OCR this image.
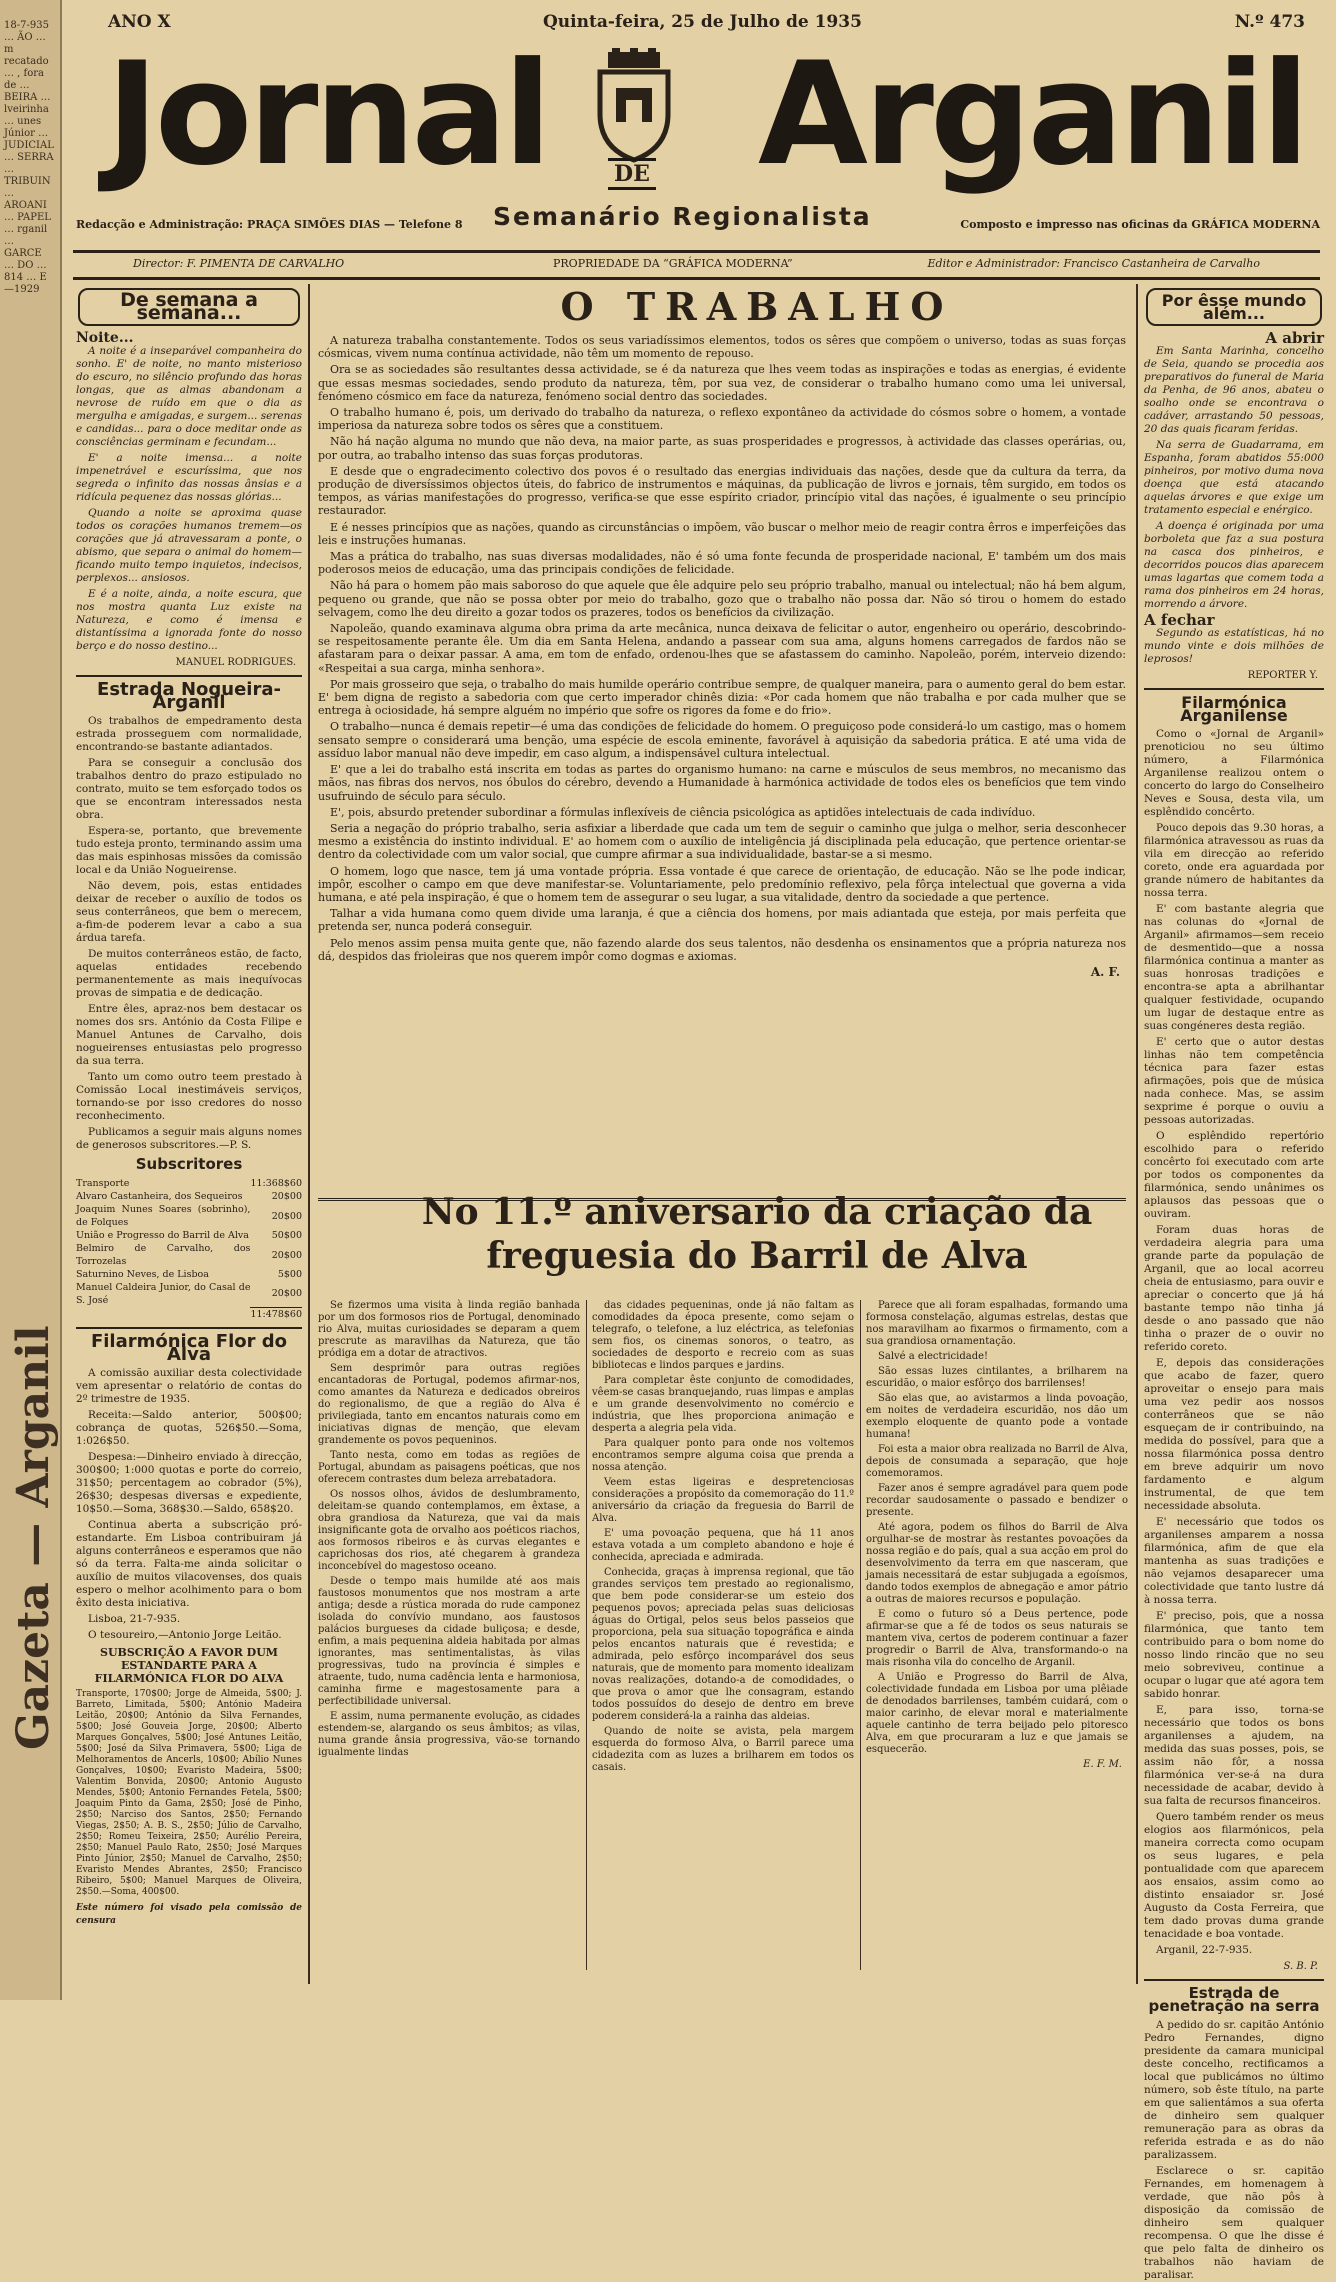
18-7-935 … ÃO … m recatado … , fora de … BEIRA … lveirinha … unes Júnior … JUDICIAL … SERRA … TRIBUIN … AROANI … PAPEL … rganil … GARCE … DO … 814 … E —1929
Gazeta — Arganil
ANO X	Quinta-feira, 25 de Julho de 1935	N.º 473
Jornal	DE Arganil
Redacção e Administração: PRAÇA SIMÕES DIAS — Telefone 8 Semanário Regionalista	Composto e impresso nas oficinas da GRÁFICA MODERNA
Director: F. PIMENTA DE CARVALHO	PROPRIEDADE DA “GRÁFICA MODERNA”	Editor e Administrador: Francisco Castanheira de Carvalho
De semana a semana...
Noite...

A noite é a inseparável companheira do sonho. E' de noite, no manto misterioso do escuro, no silêncio profundo das horas longas, que as almas abandonam a nevrose de ruído em que o dia as mergulha e amigadas, e surgem... serenas e candidas... para o doce meditar onde as consciências germinam e fecundam...

E' a noite imensa... a noite impenetrável e escuríssima, que nos segreda o infinito das nossas ânsias e a ridícula pequenez das nossas glórias...

Quando a noite se aproxima quase todos os corações humanos tremem—os corações que já atravessaram a ponte, o abismo, que separa o animal do homem—ficando muito tempo inquietos, indecisos, perplexos... ansiosos.

E é a noite, ainda, a noite escura, que nos mostra quanta Luz existe na Natureza, e como é imensa e distantíssima a ignorada fonte do nosso berço e do nosso destino...

MANUEL RODRIGUES.
Estrada Nogueira-Arganil

Os trabalhos de empedramento desta estrada prosseguem com normalidade, encontrando-se bastante adiantados.

Para se conseguir a conclusão dos trabalhos dentro do prazo estipulado no contrato, muito se tem esforçado todos os que se encontram interessados nesta obra.

Espera-se, portanto, que brevemente tudo esteja pronto, terminando assim uma das mais espinhosas missões da comissão local e da União Nogueirense.

Não devem, pois, estas entidades deixar de receber o auxílio de todos os seus conterrâneos, que bem o merecem, a-fim-de poderem levar a cabo a sua árdua tarefa.

De muitos conterrâneos estão, de facto, aquelas entidades recebendo permanentemente as mais inequívocas provas de simpatia e de dedicação.

Entre êles, apraz-nos bem destacar os nomes dos srs. António da Costa Filipe e Manuel Antunes de Carvalho, dois nogueirenses entusiastas pelo progresso da sua terra.

Tanto um como outro teem prestado à Comissão Local inestimáveis serviços, tornando-se por isso credores do nosso reconhecimento.

Publicamos a seguir mais alguns nomes de generosos subscritores.—P. S.

Subscritores
Transporte	11:368$60
Alvaro Castanheira, dos Sequeiros	20$00
Joaquim Nunes Soares (sobrinho), de Folques	20$00
União e Progresso do Barril de Alva	50$00
Belmiro de Carvalho, dos Torrozelas	20$00
Saturnino Neves, de Lisboa	5$00
Manuel Caldeira Junior, do Casal de S. José	20$00
	11:478$60
Filarmónica Flor do Alva

A comissão auxiliar desta colectividade vem apresentar o relatório de contas do 2º trimestre de 1935.

Receita:—Saldo anterior, 500$00; cobrança de quotas, 526$50.—Soma, 1:026$50.

Despesa:—Dinheiro enviado à direcção, 300$00; 1:000 quotas e porte do correio, 31$50; percentagem ao cobrador (5%), 26$30; despesas diversas e expediente, 10$50.—Soma, 368$30.—Saldo, 658$20.

Continua aberta a subscrição pró-estandarte. Em Lisboa contribuiram já alguns conterrâneos e esperamos que não só da terra. Falta-me ainda solicitar o auxílio de muitos vilacovenses, dos quais espero o melhor acolhimento para o bom êxito desta iniciativa.

Lisboa, 21-7-935.

O tesoureiro,—Antonio Jorge Leitão.

SUBSCRIÇÃO A FAVOR DUM ESTANDARTE PARA A FILARMÓNICA FLOR DO ALVA
Transporte, 170$00; Jorge de Almeida, 5$00; J. Barreto, Limitada, 5$00; António Madeira Leitão, 20$00; António da Silva Fernandes, 5$00; José Gouveia Jorge, 20$00; Alberto Marques Gonçalves, 5$00; José Antunes Leitão, 5$00; José da Silva Primavera, 5$00; Liga de Melhoramentos de Ancerls, 10$00; Abílio Nunes Gonçalves, 10$00; Evaristo Madeira, 5$00; Valentim Bonvida, 20$00; Antonio Augusto Mendes, 5$00; Antonio Fernandes Fetela, 5$00; Joaquim Pinto da Gama, 2$50; José de Pinho, 2$50; Narciso dos Santos, 2$50; Fernando Viegas, 2$50; A. B. S., 2$50; Júlio de Carvalho, 2$50; Romeu Teixeira, 2$50; Aurélio Pereira, 2$50; Manuel Paulo Rato, 2$50; José Marques Pinto Júnior, 2$50; Manuel de Carvalho, 2$50; Evaristo Mendes Abrantes, 2$50; Francisco Ribeiro, 5$00; Manuel Marques de Oliveira, 2$50.—Soma, 400$00.
Este número foi visado pela comissão de censura
O TRABALHO

A natureza trabalha constantemente. Todos os seus variadíssimos elementos, todos os sêres que compõem o universo, todas as suas forças cósmicas, vivem numa contínua actividade, não têm um momento de repouso.

Ora se as sociedades são resultantes dessa actividade, se é da natureza que lhes veem todas as inspirações e todas as energias, é evidente que essas mesmas sociedades, sendo produto da natureza, têm, por sua vez, de considerar o trabalho humano como uma lei universal, fenómeno cósmico em face da natureza, fenómeno social dentro das sociedades.

O trabalho humano é, pois, um derivado do trabalho da natureza, o reflexo expontâneo da actividade do cósmos sobre o homem, a vontade imperiosa da natureza sobre todos os sêres que a constituem.

Não há nação alguma no mundo que não deva, na maior parte, as suas prosperidades e progressos, à actividade das classes operárias, ou, por outra, ao trabalho intenso das suas forças produtoras.

E desde que o engradecimento colectivo dos povos é o resultado das energias individuais das nações, desde que da cultura da terra, da produção de diversíssimos objectos úteis, do fabrico de instrumentos e máquinas, da publicação de livros e jornais, têm surgido, em todos os tempos, as várias manifestações do progresso, verifica-se que esse espírito criador, princípio vital das nações, é igualmente o seu princípio restaurador.

E é nesses princípios que as nações, quando as circunstâncias o impõem, vão buscar o melhor meio de reagir contra êrros e imperfeições das leis e instruções humanas.

Mas a prática do trabalho, nas suas diversas modalidades, não é só uma fonte fecunda de prosperidade nacional, E' também um dos mais poderosos meios de educação, uma das principais condições de felicidade.

Não há para o homem pão mais saboroso do que aquele que êle adquire pelo seu próprio trabalho, manual ou intelectual; não há bem algum, pequeno ou grande, que não se possa obter por meio do trabalho, gozo que o trabalho não possa dar. Não só tirou o homem do estado selvagem, como lhe deu direito a gozar todos os prazeres, todos os benefícios da civilização.

Napoleão, quando examinava alguma obra prima da arte mecânica, nunca deixava de felicitar o autor, engenheiro ou operário, descobrindo-se respeitosamente perante êle. Um dia em Santa Helena, andando a passear com sua ama, alguns homens carregados de fardos não se afastaram para o deixar passar. A ama, em tom de enfado, ordenou-lhes que se afastassem do caminho. Napoleão, porém, interveio dizendo: «Respeitai a sua carga, minha senhora».

Por mais grosseiro que seja, o trabalho do mais humilde operário contribue sempre, de qualquer maneira, para o aumento geral do bem estar. E' bem digna de registo a sabedoria com que certo imperador chinês dizia: «Por cada homem que não trabalha e por cada mulher que se entrega à ociosidade, há sempre alguém no império que sofre os rigores da fome e do frio».

O trabalho—nunca é demais repetir—é uma das condições de felicidade do homem. O preguiçoso pode considerá-lo um castigo, mas o homem sensato sempre o considerará uma benção, uma espécie de escola eminente, favorável à aquisição da sabedoria prática. E até uma vida de assíduo labor manual não deve impedir, em caso algum, a indispensável cultura intelectual.

E' que a lei do trabalho está inscrita em todas as partes do organismo humano: na carne e músculos de seus membros, no mecanismo das mãos, nas fibras dos nervos, nos óbulos do cérebro, devendo a Humanidade à harmónica actividade de todos eles os benefícios que tem vindo usufruindo de século para século.

E', pois, absurdo pretender subordinar a fórmulas inflexíveis de ciência psicológica as aptidões intelectuais de cada indivíduo.

Seria a negação do próprio trabalho, seria asfixiar a liberdade que cada um tem de seguir o caminho que julga o melhor, seria desconhecer mesmo a existência do instinto individual. E' ao homem com o auxílio de inteligência já disciplinada pela educação, que pertence orientar-se dentro da colectividade com um valor social, que cumpre afirmar a sua individualidade, bastar-se a si mesmo.

O homem, logo que nasce, tem já uma vontade própria. Essa vontade é que carece de orientação, de educação. Não se lhe pode indicar, impôr, escolher o campo em que deve manifestar-se. Voluntariamente, pelo predomínio reflexivo, pela fôrça intelectual que governa a vida humana, e até pela inspiração, é que o homem tem de assegurar o seu lugar, a sua vitalidade, dentro da sociedade a que pertence.

Talhar a vida humana como quem divide uma laranja, é que a ciência dos homens, por mais adiantada que esteja, por mais perfeita que pretenda ser, nunca poderá conseguir.

Pelo menos assim pensa muita gente que, não fazendo alarde dos seus talentos, não desdenha os ensinamentos que a própria natureza nos dá, despidos das frioleiras que nos querem impôr como dogmas e axiomas.

A. F.
No 11.º aniversario da criação da freguesia do Barril de Alva

Se fizermos uma visita à linda região banhada por um dos formosos rios de Portugal, denominado rio Alva, muitas curiosidades se deparam a quem prescrute as maravilhas da Natureza, que tão pródiga em a dotar de atractivos.

Sem desprimôr para outras regiões encantadoras de Portugal, podemos afirmar-nos, como amantes da Natureza e dedicados obreiros do regionalismo, de que a região do Alva é privilegiada, tanto em encantos naturais como em iniciativas dignas de menção, que elevam grandemente os povos pequeninos.

Tanto nesta, como em todas as regiões de Portugal, abundam as paisagens poéticas, que nos oferecem contrastes dum beleza arrebatadora.

Os nossos olhos, ávidos de deslumbramento, deleitam-se quando contemplamos, em êxtase, a obra grandiosa da Natureza, que vai da mais insignificante gota de orvalho aos poéticos riachos, aos formosos ribeiros e às curvas elegantes e caprichosas dos rios, até chegarem à grandeza inconcebível do magestoso oceano.

Desde o tempo mais humilde até aos mais faustosos monumentos que nos mostram a arte antiga; desde a rústica morada do rude camponez isolada do convívio mundano, aos faustosos palácios burgueses da cidade buliçosa; e desde, enfim, a mais pequenina aldeia habitada por almas ignorantes, mas sentimentalistas, às vilas progressivas, tudo na província é simples e atraente, tudo, numa cadência lenta e harmoniosa, caminha firme e magestosamente para a perfectibilidade universal.

E assim, numa permanente evolução, as cidades estendem-se, alargando os seus âmbitos; as vilas, numa grande ânsia progressiva, vão-se tornando igualmente lindas

das cidades pequeninas, onde já não faltam as comodidades da época presente, como sejam o telegrafo, o telefone, a luz eléctrica, as telefonias sem fios, os cinemas sonoros, o teatro, as sociedades de desporto e recreio com as suas bibliotecas e lindos parques e jardins.

Para completar êste conjunto de comodidades, vêem-se casas branquejando, ruas limpas e amplas e um grande desenvolvimento no comércio e indústria, que lhes proporciona animação e desperta a alegria pela vida.

Para qualquer ponto para onde nos voltemos encontramos sempre alguma coisa que prenda a nossa atenção.

Veem estas ligeiras e despretenciosas considerações a propósito da comemoração do 11.º aniversário da criação da freguesia do Barril de Alva.

E' uma povoação pequena, que há 11 anos estava votada a um completo abandono e hoje é conhecida, apreciada e admirada.

Conhecida, graças à imprensa regional, que tão grandes serviços tem prestado ao regionalismo, que bem pode considerar-se um esteio dos pequenos povos; apreciada pelas suas deliciosas águas do Ortigal, pelos seus belos passeios que proporciona, pela sua situação topográfica e ainda pelos encantos naturais que é revestida; e admirada, pelo esfôrço incomparável dos seus naturais, que de momento para momento idealizam novas realizações, dotando-a de comodidades, o que prova o amor que lhe consagram, estando todos possuídos do desejo de dentro em breve poderem considerá-la a rainha das aldeias.

Quando de noite se avista, pela margem esquerda do formoso Alva, o Barril parece uma cidadezita com as luzes a brilharem em todos os casais.

Parece que ali foram espalhadas, formando uma formosa constelação, algumas estrelas, destas que nos maravilham ao fixarmos o firmamento, com a sua grandiosa ornamentação.

Salvé a electricidade!

São essas luzes cintilantes, a brilharem na escuridão, o maior esfôrço dos barrilenses!

São elas que, ao avistarmos a linda povoação, em noites de verdadeira escuridão, nos dão um exemplo eloquente de quanto pode a vontade humana!

Foi esta a maior obra realizada no Barril de Alva, depois de consumada a separação, que hoje comemoramos.

Fazer anos é sempre agradável para quem pode recordar saudosamente o passado e bendizer o presente.

Até agora, podem os filhos do Barril de Alva orgulhar-se de mostrar às restantes povoações da nossa região e do país, qual a sua acção em prol do desenvolvimento da terra em que nasceram, que jamais necessitará de estar subjugada a egoísmos, dando todos exemplos de abnegação e amor pátrio a outras de maiores recursos e população.

E como o futuro só a Deus pertence, pode afirmar-se que a fé de todos os seus naturais se mantem viva, certos de poderem continuar a fazer progredir o Barril de Alva, transformando-o na mais risonha vila do concelho de Arganil.

A União e Progresso do Barril de Alva, colectividade fundada em Lisboa por uma plêiade de denodados barrilenses, também cuidará, com o maior carinho, de elevar moral e materialmente aquele cantinho de terra beijado pelo pitoresco Alva, em que procuraram a luz e que jamais se esquecerão.

E. F. M.
Por êsse mundo além...
A abrir

Em Santa Marinha, concelho de Seia, quando se procedia aos preparativos do funeral de Maria da Penha, de 96 anos, abateu o soalho onde se encontrava o cadáver, arrastando 50 pessoas, 20 das quais ficaram feridas.

Na serra de Guadarrama, em Espanha, foram abatidos 55:000 pinheiros, por motivo duma nova doença que está atacando aquelas árvores e que exige um tratamento especial e enérgico.

A doença é originada por uma borboleta que faz a sua postura na casca dos pinheiros, e decorridos poucos dias aparecem umas lagartas que comem toda a rama dos pinheiros em 24 horas, morrendo a árvore.

A fechar

Segundo as estatísticas, há no mundo vinte e dois milhões de leprosos!

REPORTER Y.
Filarmónica Arganilense

Como o «Jornal de Arganil» prenoticiou no seu último número, a Filarmónica Arganilense realizou ontem o concerto do largo do Conselheiro Neves e Sousa, desta vila, um esplêndido concêrto.

Pouco depois das 9.30 horas, a filarmónica atravessou as ruas da vila em direcção ao referido coreto, onde era aguardada por grande número de habitantes da nossa terra.

E' com bastante alegria que nas colunas do «Jornal de Arganil» afirmamos—sem receio de desmentido—que a nossa filarmónica continua a manter as suas honrosas tradições e encontra-se apta a abrilhantar qualquer festividade, ocupando um lugar de destaque entre as suas congéneres desta região.

E' certo que o autor destas linhas não tem competência técnica para fazer estas afirmações, pois que de música nada conhece. Mas, se assim sexprime é porque o ouviu a pessoas autorizadas.

O esplêndido repertório escolhido para o referido concêrto foi executado com arte por todos os componentes da filarmónica, sendo unânimes os aplausos das pessoas que o ouviram.

Foram duas horas de verdadeira alegria para uma grande parte da população de Arganil, que ao local acorreu cheia de entusiasmo, para ouvir e apreciar o concerto que já há bastante tempo não tinha já desde o ano passado que não tinha o prazer de o ouvir no referido coreto.

E, depois das considerações que acabo de fazer, quero aproveitar o ensejo para mais uma vez pedir aos nossos conterrâneos que se não esqueçam de ir contribuindo, na medida do possível, para que a nossa filarmónica possa dentro em breve adquirir um novo fardamento e algum instrumental, de que tem necessidade absoluta.

E' necessário que todos os arganilenses amparem a nossa filarmónica, afim de que ela mantenha as suas tradições e não vejamos desaparecer uma colectividade que tanto lustre dá à nossa terra.

E' preciso, pois, que a nossa filarmónica, que tanto tem contribuido para o bom nome do nosso lindo rincão que no seu meio sobreviveu, continue a ocupar o lugar que até agora tem sabido honrar.

E, para isso, torna-se necessário que todos os bons arganilenses a ajudem, na medida das suas posses, pois, se assim não fôr, a nossa filarmónica ver-se-á na dura necessidade de acabar, devido à sua falta de recursos financeiros.

Quero também render os meus elogios aos filarmónicos, pela maneira correcta como ocupam os seus lugares, e pela pontualidade com que aparecem aos ensaios, assim como ao distinto ensaiador sr. José Augusto da Costa Ferreira, que tem dado provas duma grande tenacidade e boa vontade.

Arganil, 22-7-935.

S. B. P.
Estrada de penetração na serra

A pedido do sr. capitão António Pedro Fernandes, digno presidente da camara municipal deste concelho, rectificamos a local que publicámos no último número, sob êste título, na parte em que salientámos a sua oferta de dinheiro sem qualquer remuneração para as obras da referida estrada e as do não paralizassem.

Esclarece o sr. capitão Fernandes, em homenagem à verdade, que não pôs à disposição da comissão de dinheiro sem qualquer recompensa. O que lhe disse é que pelo falta de dinheiro os trabalhos não haviam de paralisar.
